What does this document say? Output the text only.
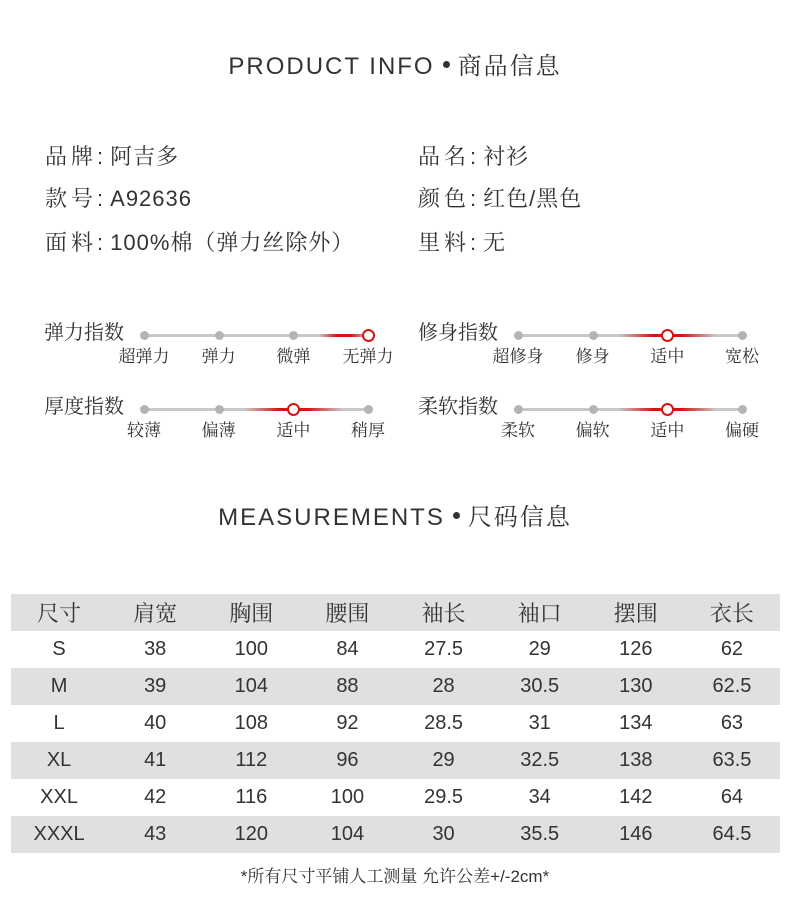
PRODUCT INFO 商品信息
品牌: 阿吉多	品名: 衬衫
款号: A92636	颜色: 红色/黑色
面料: 100%棉（弹力丝除外）	里料: 无
弹力指数
超弹力 弹力 微弹 无弹力
修身指数
超修身 修身 适中 宽松
厚度指数
较薄 偏薄 适中 稍厚
柔软指数
柔软 偏软 适中 偏硬
MEASUREMENTS 尺码信息
尺寸	肩宽	胸围	腰围	袖长	袖口	摆围	衣长
S	38	100	84	27.5	29	126	62
M	39	104	88	28	30.5	130	62.5
L	40	108	92	28.5	31	134	63
XL	41	112	96	29	32.5	138	63.5
XXL	42	116	100	29.5	34	142	64
XXXL	43	120	104	30	35.5	146	64.5
*所有尺寸平铺人工测量 允许公差+/-2cm*
